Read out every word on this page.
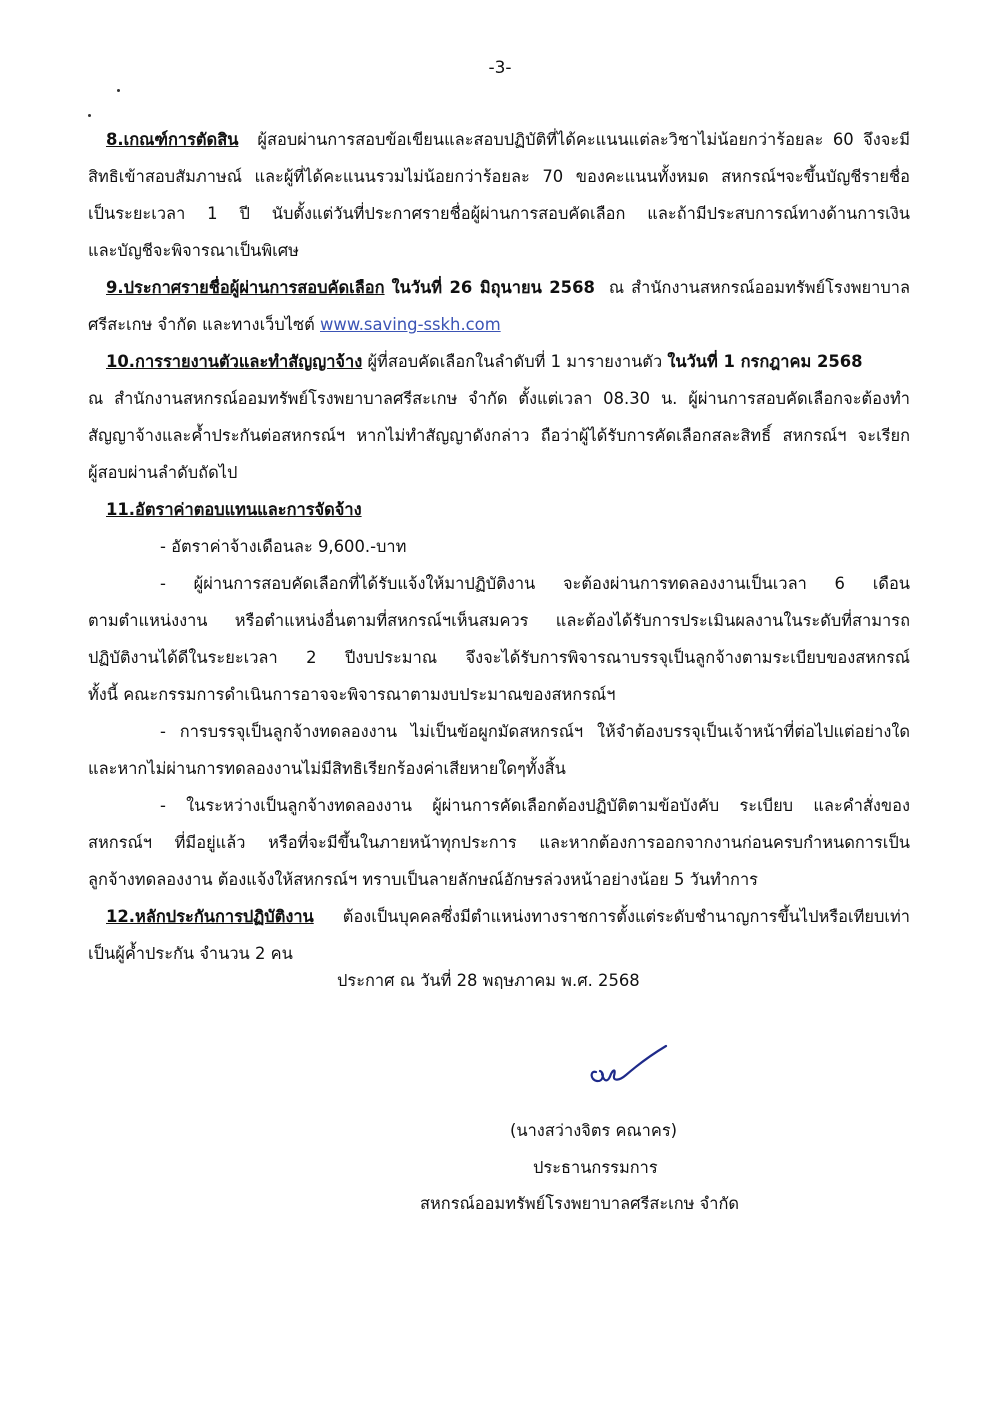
-3-
8.เกณฑ์การตัดสิน ผู้สอบผ่านการสอบข้อเขียนและสอบปฏิบัติที่ได้คะแนนแต่ละวิชาไม่น้อยกว่าร้อยละ 60 จึงจะมี
สิทธิเข้าสอบสัมภาษณ์ และผู้ที่ได้คะแนนรวมไม่น้อยกว่าร้อยละ 70 ของคะแนนทั้งหมด สหกรณ์ฯจะขึ้นบัญชีรายชื่อ
เป็นระยะเวลา 1 ปี นับตั้งแต่วันที่ประกาศรายชื่อผู้ผ่านการสอบคัดเลือก และถ้ามีประสบการณ์ทางด้านการเงิน
และบัญชีจะพิจารณาเป็นพิเศษ
9.ประกาศรายชื่อผู้ผ่านการสอบคัดเลือก ในวันที่ 26 มิถุนายน 2568 ณ สำนักงานสหกรณ์ออมทรัพย์โรงพยาบาล
ศรีสะเกษ จำกัด และทางเว็บไซต์ www.saving-sskh.com
10.การรายงานตัวและทำสัญญาจ้าง ผู้ที่สอบคัดเลือกในลำดับที่ 1 มารายงานตัว ในวันที่ 1 กรกฎาคม 2568
ณ สำนักงานสหกรณ์ออมทรัพย์โรงพยาบาลศรีสะเกษ จำกัด ตั้งแต่เวลา 08.30 น. ผู้ผ่านการสอบคัดเลือกจะต้องทำ
สัญญาจ้างและค้ำประกันต่อสหกรณ์ฯ หากไม่ทำสัญญาดังกล่าว ถือว่าผู้ได้รับการคัดเลือกสละสิทธิ์ สหกรณ์ฯ จะเรียก
ผู้สอบผ่านลำดับถัดไป
11.อัตราค่าตอบแทนและการจัดจ้าง
- อัตราค่าจ้างเดือนละ 9,600.-บาท
- ผู้ผ่านการสอบคัดเลือกที่ได้รับแจ้งให้มาปฏิบัติงาน จะต้องผ่านการทดลองงานเป็นเวลา 6 เดือน
ตามตำแหน่งงาน หรือตำแหน่งอื่นตามที่สหกรณ์ฯเห็นสมควร และต้องได้รับการประเมินผลงานในระดับที่สามารถ
ปฏิบัติงานได้ดีในระยะเวลา 2 ปีงบประมาณ จึงจะได้รับการพิจารณาบรรจุเป็นลูกจ้างตามระเบียบของสหกรณ์
ทั้งนี้ คณะกรรมการดำเนินการอาจจะพิจารณาตามงบประมาณของสหกรณ์ฯ
- การบรรจุเป็นลูกจ้างทดลองงาน ไม่เป็นข้อผูกมัดสหกรณ์ฯ ให้จำต้องบรรจุเป็นเจ้าหน้าที่ต่อไปแต่อย่างใด
และหากไม่ผ่านการทดลองงานไม่มีสิทธิเรียกร้องค่าเสียหายใดๆทั้งสิ้น
- ในระหว่างเป็นลูกจ้างทดลองงาน ผู้ผ่านการคัดเลือกต้องปฏิบัติตามข้อบังคับ ระเบียบ และคำสั่งของ
สหกรณ์ฯ ที่มีอยู่แล้ว หรือที่จะมีขึ้นในภายหน้าทุกประการ และหากต้องการออกจากงานก่อนครบกำหนดการเป็น
ลูกจ้างทดลองงาน ต้องแจ้งให้สหกรณ์ฯ ทราบเป็นลายลักษณ์อักษรล่วงหน้าอย่างน้อย 5 วันทำการ
12.หลักประกันการปฏิบัติงาน ต้องเป็นบุคคลซึ่งมีตำแหน่งทางราชการตั้งแต่ระดับชำนาญการขึ้นไปหรือเทียบเท่า
เป็นผู้ค้ำประกัน จำนวน 2 คน
ประกาศ ณ วันที่ 28 พฤษภาคม พ.ศ. 2568
(นางสว่างจิตร คณาคร)
ประธานกรรมการ
สหกรณ์ออมทรัพย์โรงพยาบาลศรีสะเกษ จำกัด
